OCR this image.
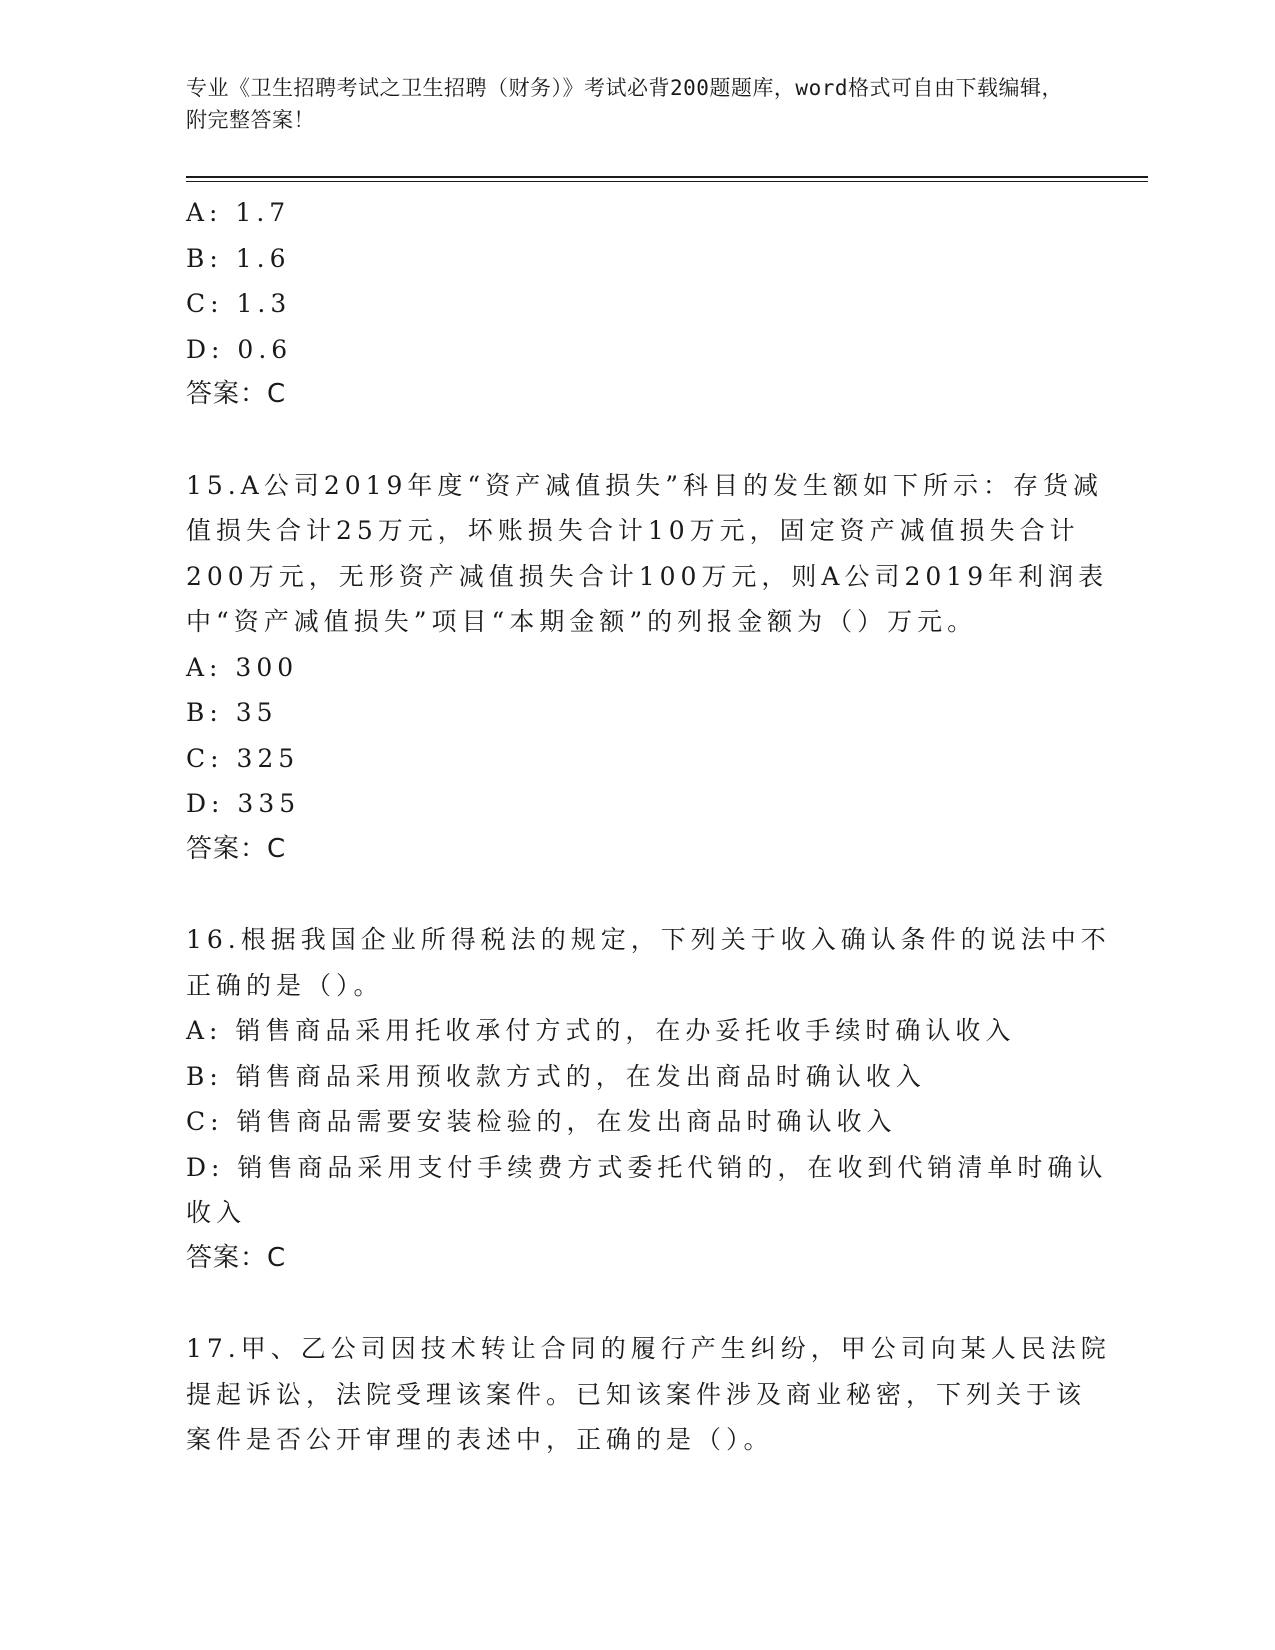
专业《卫生招聘考试之卫生招聘（财务）》考试必背200题题库，word格式可自由下载编辑，附完整答案！
A: 1.7
B: 1.6
C: 1.3
D: 0.6
答案：C
15.A公司2019年度“资产减值损失”科目的发生额如下所示：存货减
值损失合计25万元，坏账损失合计10万元，固定资产减值损失合计
200万元，无形资产减值损失合计100万元，则A公司2019年利润表
中“资产减值损失”项目“本期金额”的列报金额为（）万元。
A: 300
B: 35
C: 325
D: 335
答案：C
16.根据我国企业所得税法的规定，下列关于收入确认条件的说法中不
正确的是（）。
A: 销售商品采用托收承付方式的，在办妥托收手续时确认收入
B: 销售商品采用预收款方式的，在发出商品时确认收入
C: 销售商品需要安装检验的，在发出商品时确认收入
D: 销售商品采用支付手续费方式委托代销的，在收到代销清单时确认
收入
答案：C
17.甲、乙公司因技术转让合同的履行产生纠纷，甲公司向某人民法院
提起诉讼，法院受理该案件。已知该案件涉及商业秘密，下列关于该
案件是否公开审理的表述中，正确的是（）。
